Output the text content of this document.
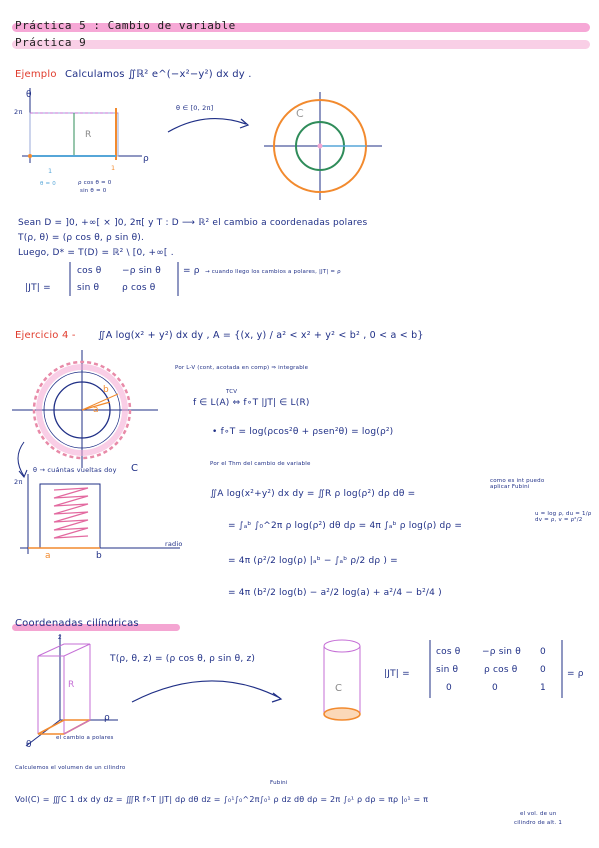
Práctica 5 : Cambio de variable
Práctica 9
Ejemplo Calculamos ∬ℝ² e^(−x²−y²) dx dy .
θ
2π
R
ρ
1	1
θ = 0	ρ cos θ = 0
sin θ = 0
θ ∈ [0, 2π]	C
Sean D = ]0, +∞[ × ]0, 2π[ y T : D ⟶ ℝ² el cambio a coordenadas polares
T(ρ, θ) = (ρ cos θ, ρ sin θ).
Luego, D* = T(D) = ℝ² \ [0, +∞[ .
|JT| =
cos θ −ρ sin θ
sin θ	ρ cos θ
= ρ → cuando llego los cambios a polares, |JT| = ρ
Ejercicio 4 - ∬A log(x² + y²) dx dy , A = {(x, y) / a² < x² + y² < b² , 0 < a < b}
Por L-V (cont, acotada en comp) ⇒ integrable
a
b
θ → cuántas vueltas doy C
2π
radio
a	b
TCV
f ∈ L(A) ⇔ f∘T |JT| ∈ L(R)
• f∘T = log(ρcos²θ + ρsen²θ) = log(ρ²)
Por el Thm del cambio de variable
∬A log(x²+y²) dx dy = ∬R ρ log(ρ²) dρ dθ =
como es int puedo aplicar Fubini
= ∫ₐᵇ ∫₀^2π ρ log(ρ²) dθ dρ = 4π ∫ₐᵇ ρ log(ρ) dρ =
u = log ρ, du = 1/ρ dv = ρ, v = ρ²/2
= 4π (ρ²/2 log(ρ) |ₐᵇ − ∫ₐᵇ ρ/2 dρ ) =
= 4π (b²/2 log(b) − a²/2 log(a) + a²/4 − b²/4 )
Coordenadas cilíndricas
z
ρ
θ
R
el cambio a polares
T(ρ, θ, z) = (ρ cos θ, ρ sin θ, z)
C
|JT| =
cos θ −ρ sin θ 0
sin θ	ρ cos θ	0
0	0	1
= ρ
Calculemos el volumen de un cilindro
Fubini
Vol(C) = ∭C 1 dx dy dz = ∭R f∘T |JT| dρ dθ dz = ∫₀¹∫₀^2π∫₀¹ ρ dz dθ dρ = 2π ∫₀¹ ρ dρ = πρ |₀¹ = π
el vol. de un
cilindro de alt. 1
